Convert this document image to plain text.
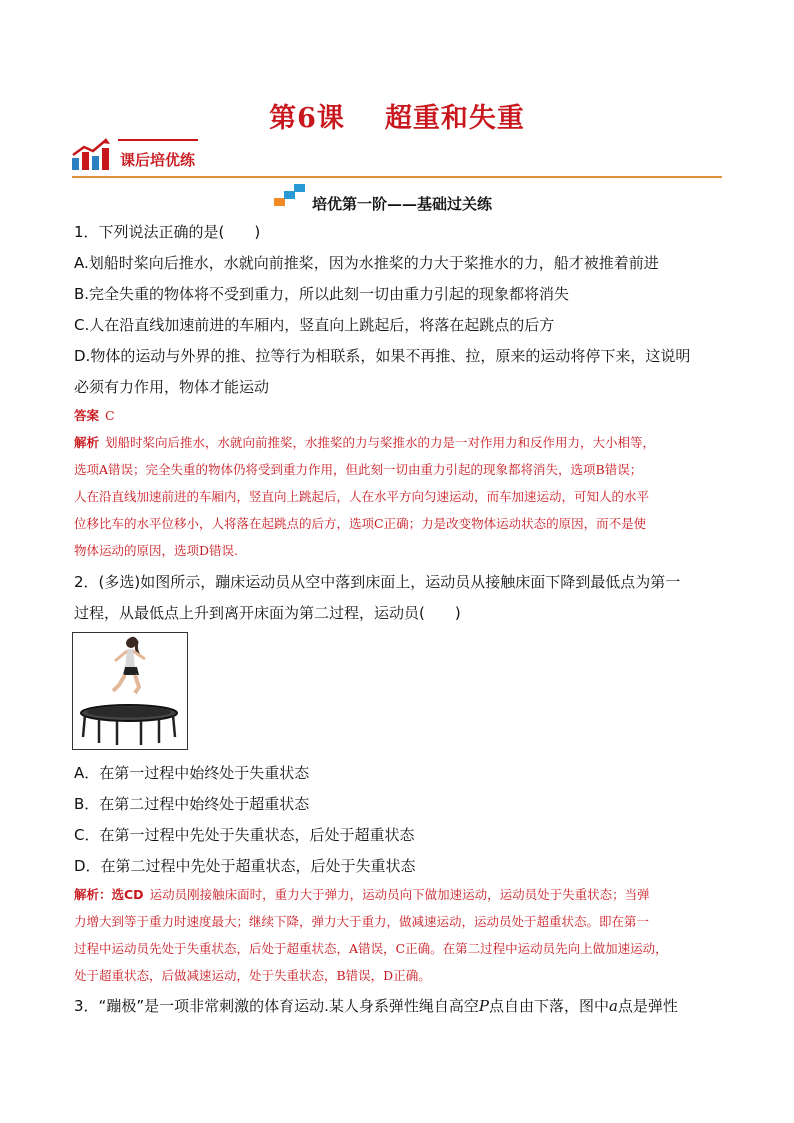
第6课 超重和失重
课后培优练
培优第一阶——基础过关练
1．下列说法正确的是(　　)
A.划船时桨向后推水，水就向前推桨，因为水推桨的力大于桨推水的力，船才被推着前进
B.完全失重的物体将不受到重力，所以此刻一切由重力引起的现象都将消失
C.人在沿直线加速前进的车厢内，竖直向上跳起后，将落在起跳点的后方
D.物体的运动与外界的推、拉等行为相联系，如果不再推、拉，原来的运动将停下来，这说明
必须有力作用，物体才能运动
答案 C
解析 划船时桨向后推水，水就向前推桨，水推桨的力与桨推水的力是一对作用力和反作用力，大小相等，
选项A错误；完全失重的物体仍将受到重力作用，但此刻一切由重力引起的现象都将消失，选项B错误；
人在沿直线加速前进的车厢内，竖直向上跳起后，人在水平方向匀速运动，而车加速运动，可知人的水平
位移比车的水平位移小，人将落在起跳点的后方，选项C正确；力是改变物体运动状态的原因，而不是使
物体运动的原因，选项D错误.
2．(多选)如图所示，蹦床运动员从空中落到床面上，运动员从接触床面下降到最低点为第一
过程，从最低点上升到离开床面为第二过程，运动员(　　)
A．在第一过程中始终处于失重状态
B．在第二过程中始终处于超重状态
C．在第一过程中先处于失重状态，后处于超重状态
D．在第二过程中先处于超重状态，后处于失重状态
解析：选CD 运动员刚接触床面时，重力大于弹力，运动员向下做加速运动，运动员处于失重状态；当弹
力增大到等于重力时速度最大；继续下降，弹力大于重力，做减速运动，运动员处于超重状态。即在第一
过程中运动员先处于失重状态，后处于超重状态，A错误，C正确。在第二过程中运动员先向上做加速运动，
处于超重状态，后做减速运动，处于失重状态，B错误，D正确。
3．“蹦极”是一项非常刺激的体育运动.某人身系弹性绳自高空P点自由下落，图中a点是弹性
